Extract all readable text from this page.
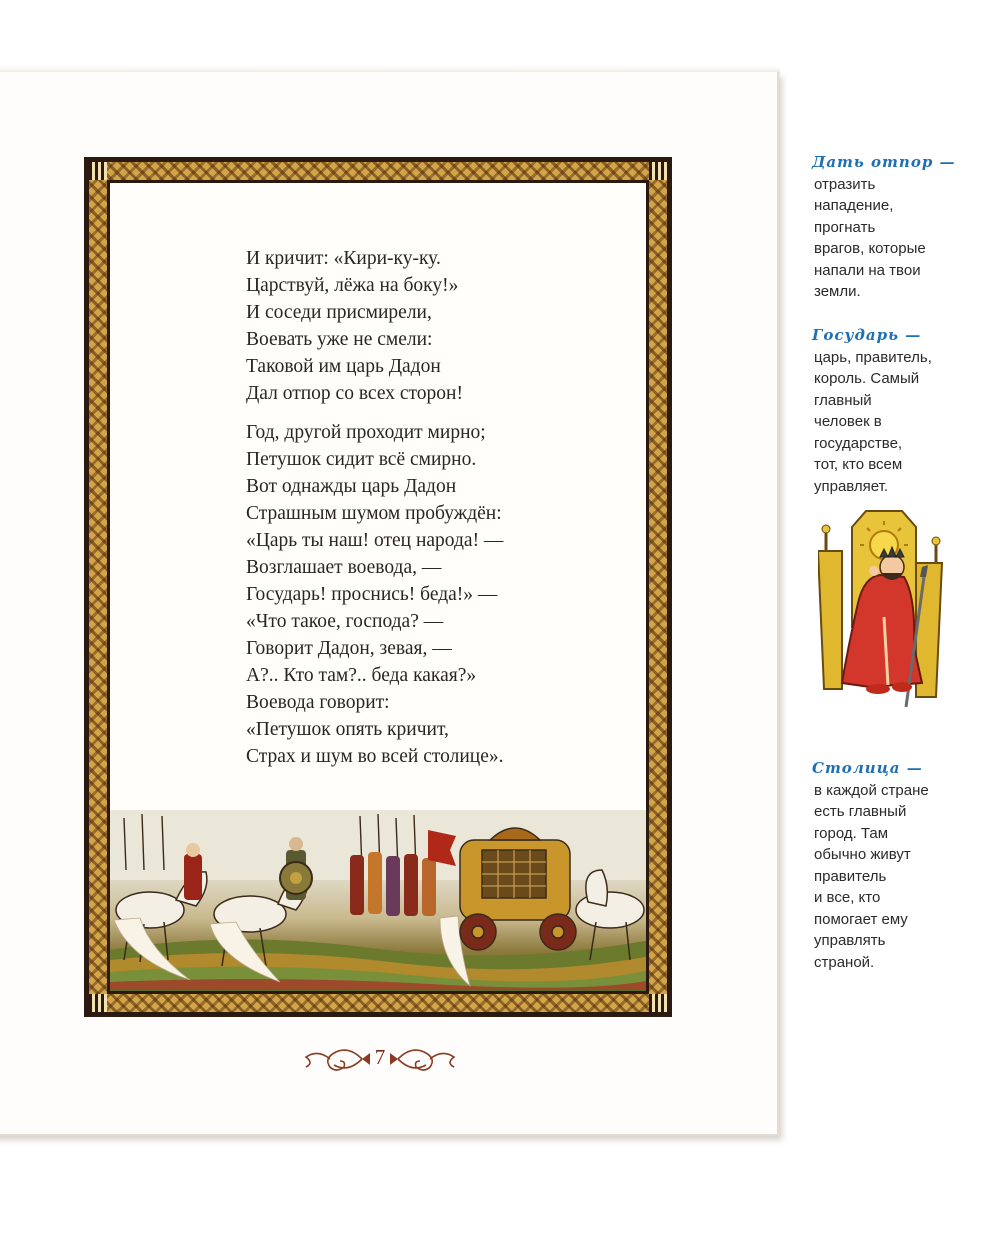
И кричит: «Кири-ку-ку.
Царствуй, лёжа на боку!»
И соседи присмирели,
Воевать уже не смели:
Таковой им царь Дадон
Дал отпор со всех сторон!
Год, другой проходит мирно;
Петушок сидит всё смирно.
Вот однажды царь Дадон
Страшным шумом пробуждён:
«Царь ты наш! отец народа! —
Возглашает воевода, —
Государь! проснись! беда!» —
«Что такое, господа? —
Говорит Дадон, зевая, —
А?.. Кто там?.. беда какая?»
Воевода говорит:
«Петушок опять кричит,
Страх и шум во всей столице».
7
Дать отпор —
отразить
нападение,
прогнать
врагов, которые
напали на твои
земли.
Государь —
царь, правитель,
король. Самый
главный
человек в
государстве,
тот, кто всем
управляет.
Столица —
в каждой стране
есть главный
город. Там
обычно живут
правитель
и все, кто
помогает ему
управлять
страной.
